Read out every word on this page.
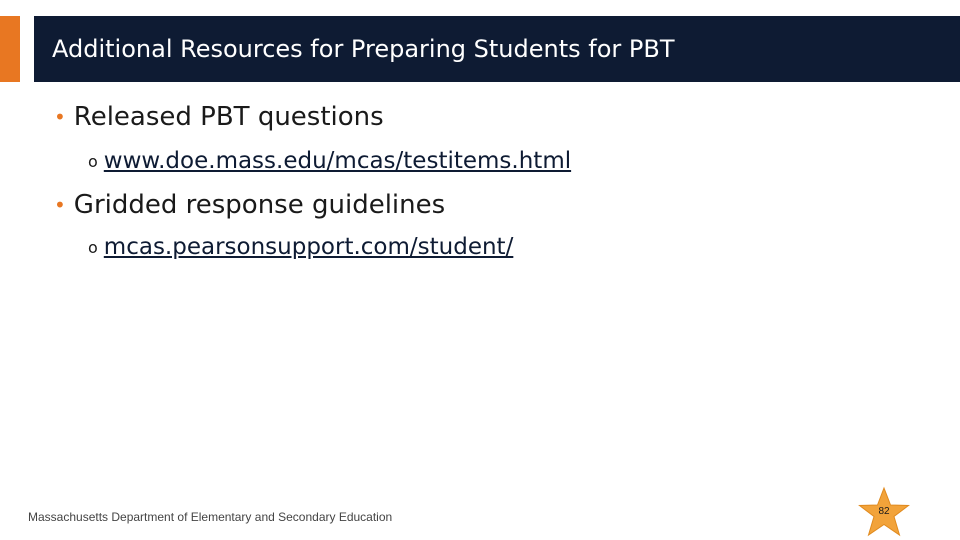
Additional Resources for Preparing Students for PBT
• Released PBT questions
o www.doe.mass.edu/mcas/testitems.html
• Gridded response guidelines
o mcas.pearsonsupport.com/student/
Massachusetts Department of Elementary and Secondary Education	82
